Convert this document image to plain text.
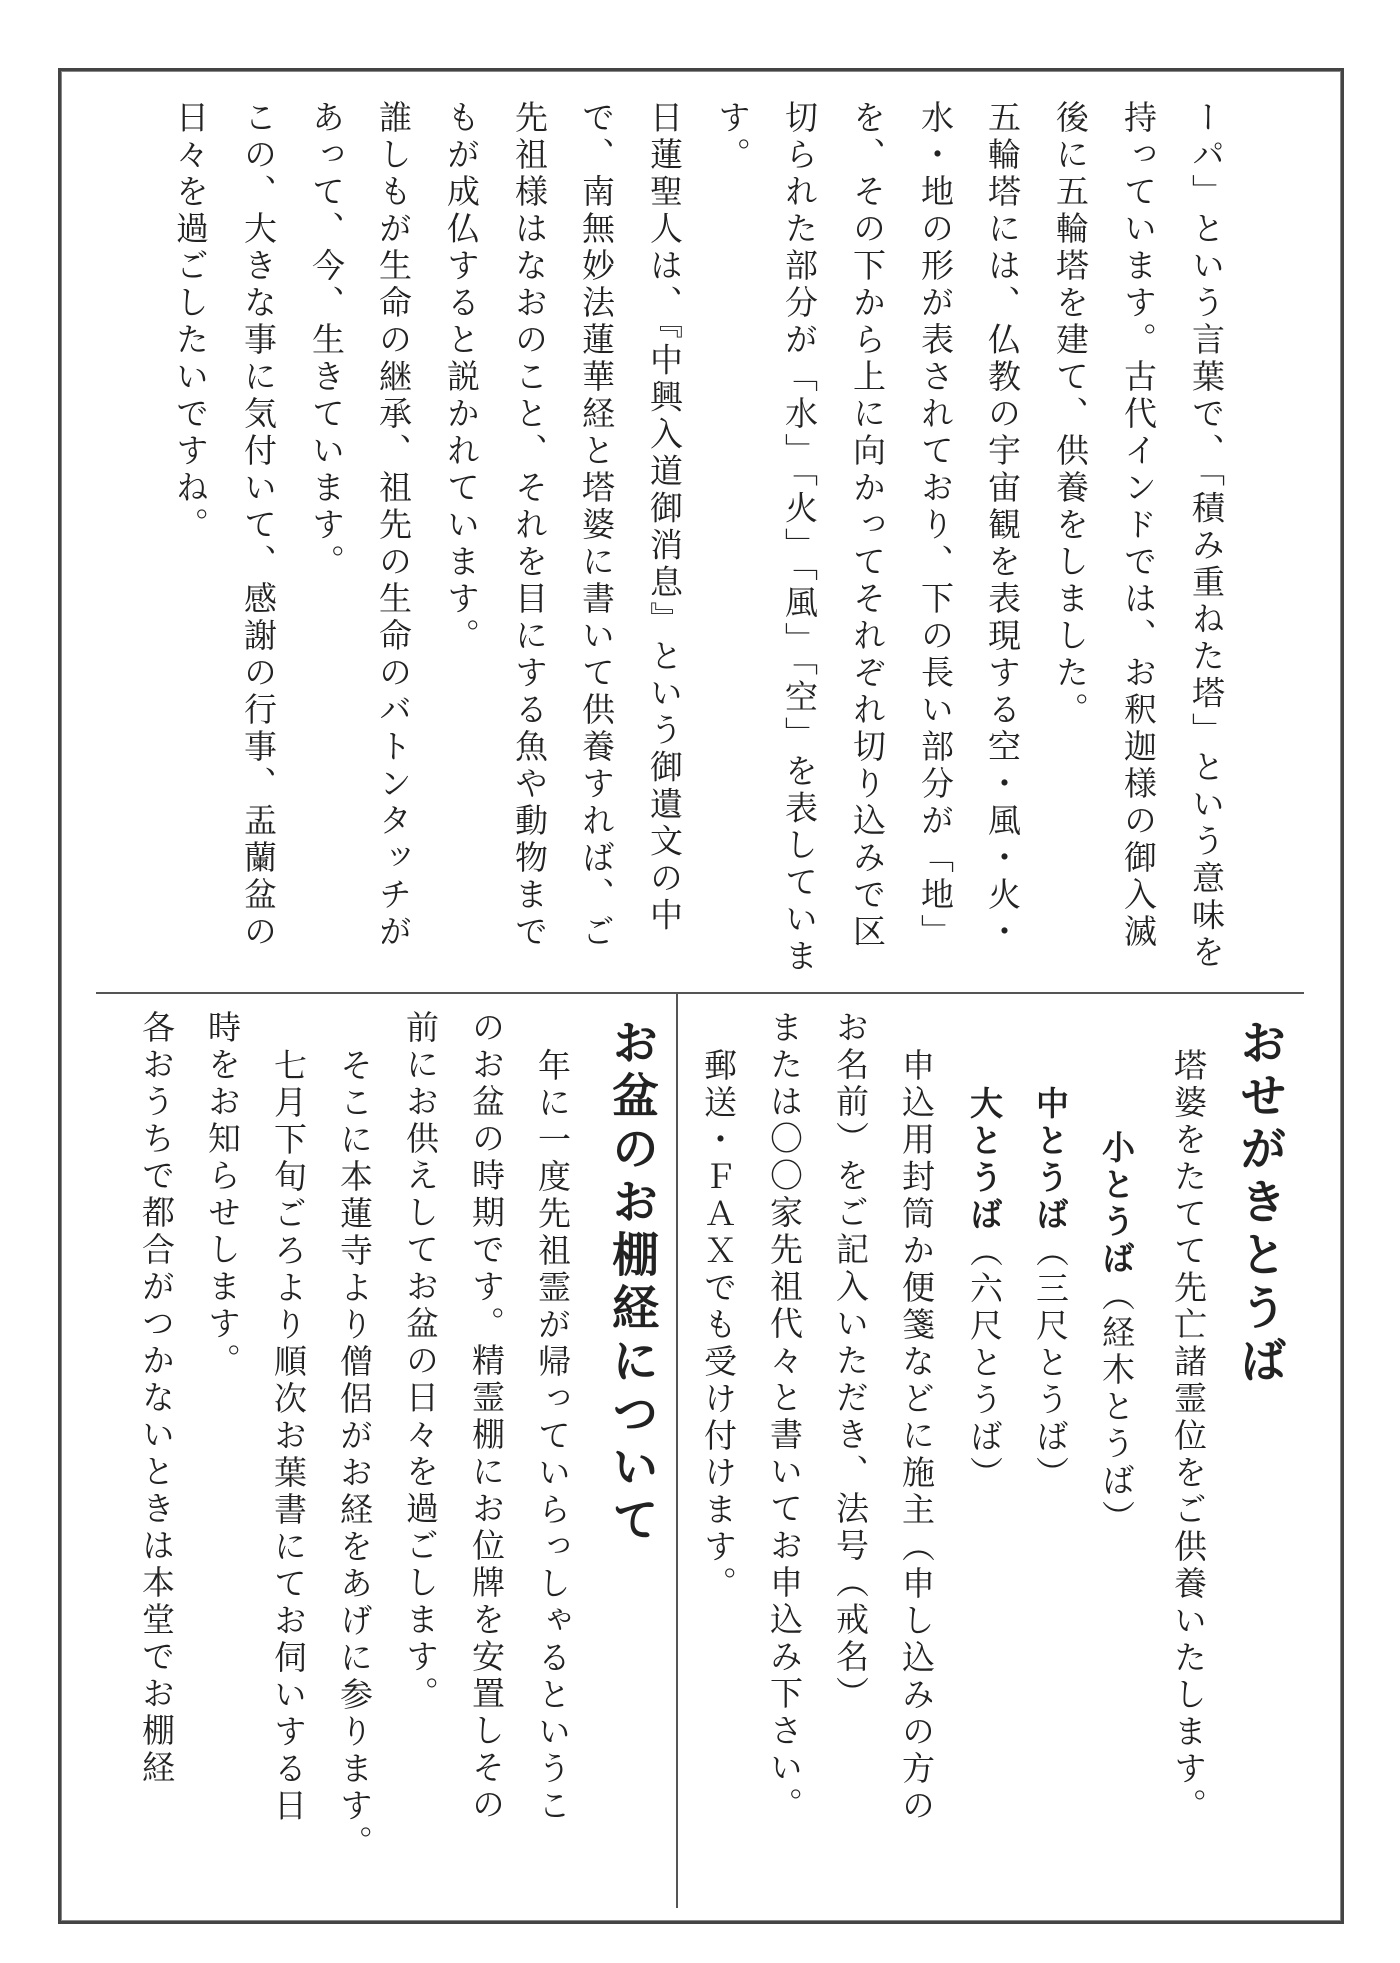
ーパ」という言葉で、「積み重ねた塔」という意味を
持っています。古代インドでは、お釈迦様の御入滅
後に五輪塔を建て、供養をしました。
五輪塔には、仏教の宇宙観を表現する空・風・火・
水・地の形が表されており、下の長い部分が「地」
を、その下から上に向かってそれぞれ切り込みで区
切られた部分が「水」「火」「風」「空」を表していま
す。
日蓮聖人は、『中興入道御消息』という御遺文の中
で、南無妙法蓮華経と塔婆に書いて供養すれば、ご
先祖様はなおのこと、それを目にする魚や動物まで
もが成仏すると説かれています。
誰しもが生命の継承、祖先の生命のバトンタッチが
あって、今、生きています。
この、大きな事に気付いて、感謝の行事、盂蘭盆の
日々を過ごしたいですね。
おせがきとうば
塔婆をたてて先亡諸霊位をご供養いたします。
小とうば（経木とうば）
中とうば（三尺とうば）
大とうば（六尺とうば）
申込用封筒か便箋などに施主（申し込みの方の
お名前）をご記入いただき、法号（戒名）
または〇〇家先祖代々と書いてお申込み下さい。
郵送・ＦＡＸでも受け付けます。
お盆のお棚経について
年に一度先祖霊が帰っていらっしゃるというこ
のお盆の時期です。精霊棚にお位牌を安置しその
前にお供えしてお盆の日々を過ごします。
そこに本蓮寺より僧侶がお経をあげに参ります。
七月下旬ごろより順次お葉書にてお伺いする日
時をお知らせします。
各おうちで都合がつかないときは本堂でお棚経
